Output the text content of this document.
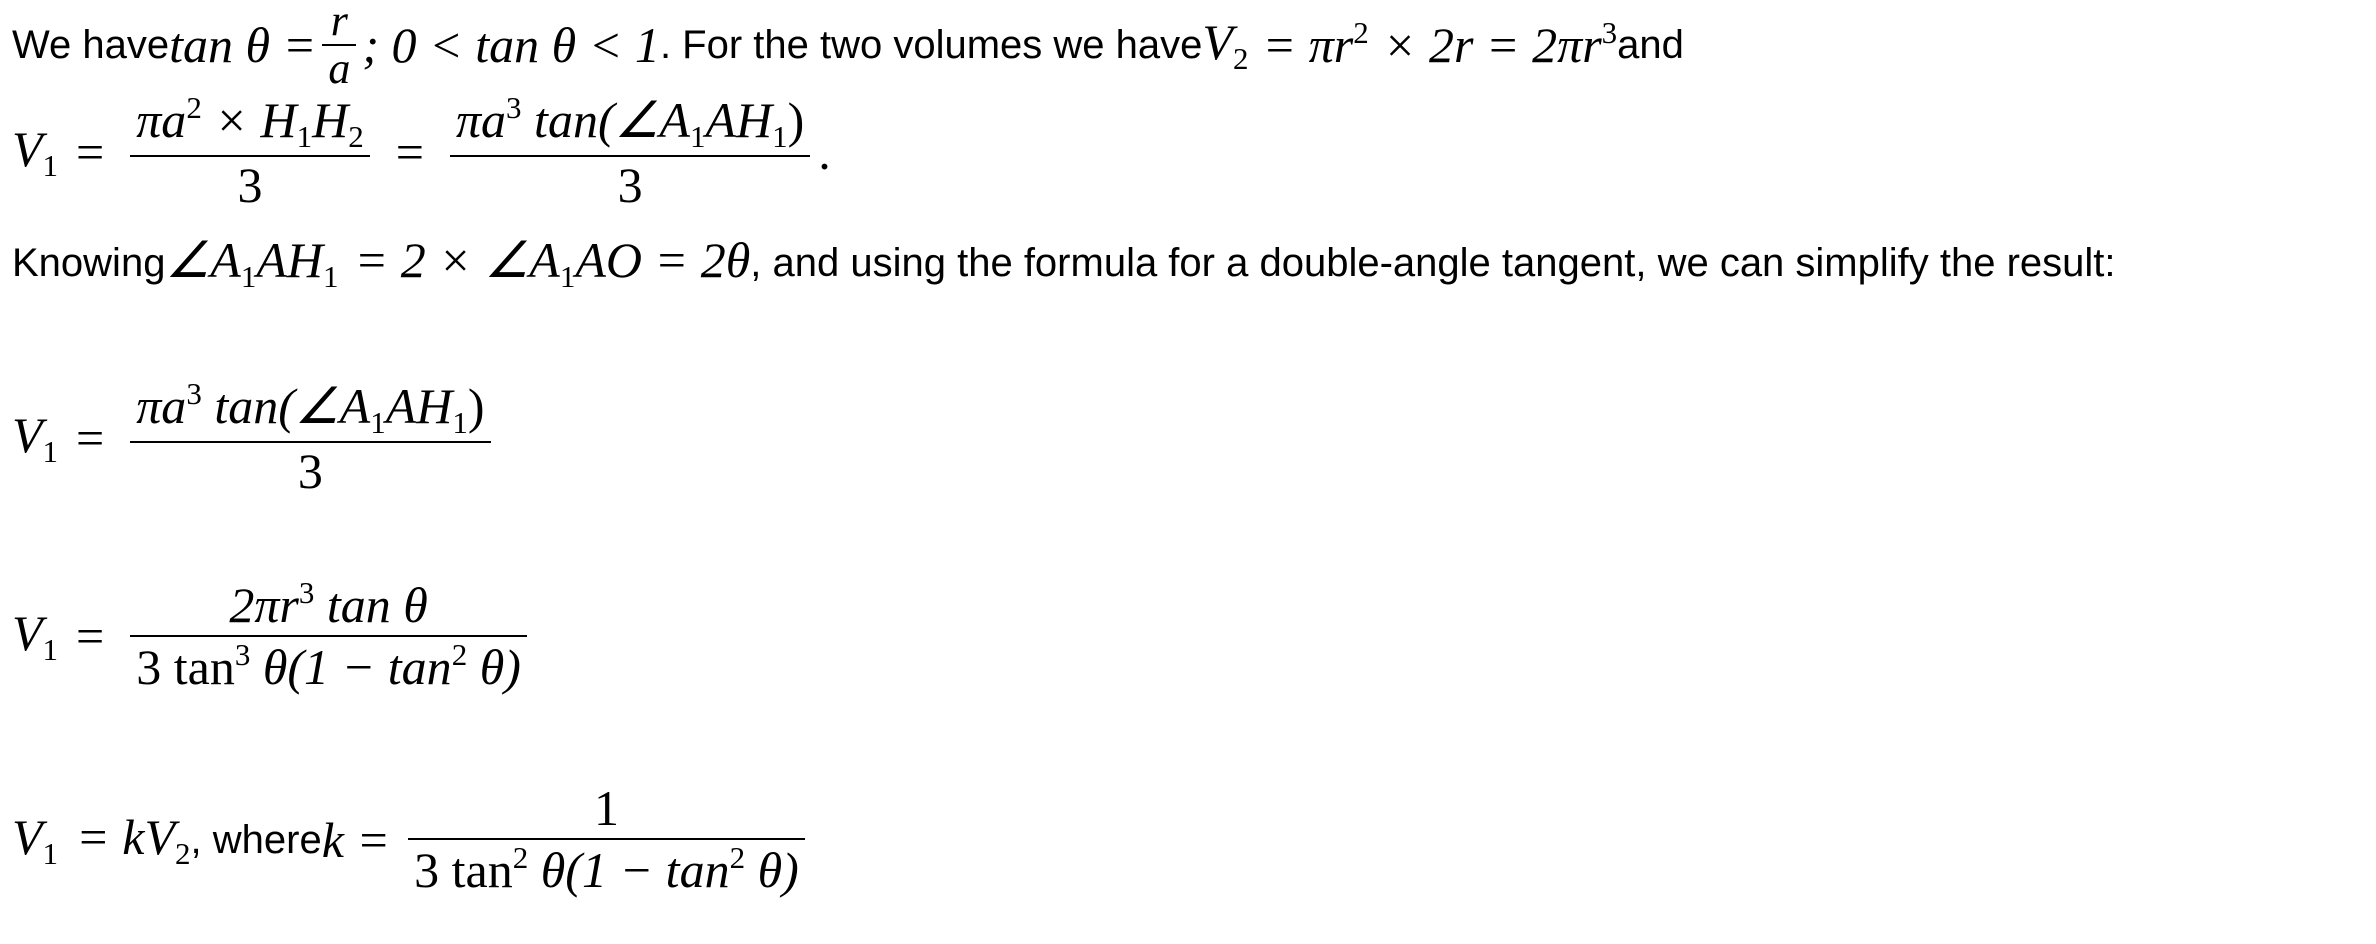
We have $\tan \theta = \frac{r}{a}$ ; 0 < tan θ < 1 . For the two volumes we have $V_2 = \pi r^2 \times 2r = 2\pi r^3$ and
$V_1 = \frac{\pi a^2 \times H_1H_2}{3} = \frac{\pi a^3 \tan(\angle A_1AH_1)}{3}$ .
Knowing $\angle A_1AH_1 = 2$ × $\angle A_1AO = 2\theta$ , and using the formula for a double-angle tangent, we can simplify the result:
$V_1 = \frac{\pi a^3 \tan(\angle A_1AH_1)}{3}$
$V_1 = \frac{2\pi r^3 \tan \theta}{3 \tan^3 \theta(1 - \tan^2 \theta)}$
$V_1 = kV_2$ , where $k = \frac{1}{3 \tan^2 \theta(1 - \tan^2 \theta)}$
